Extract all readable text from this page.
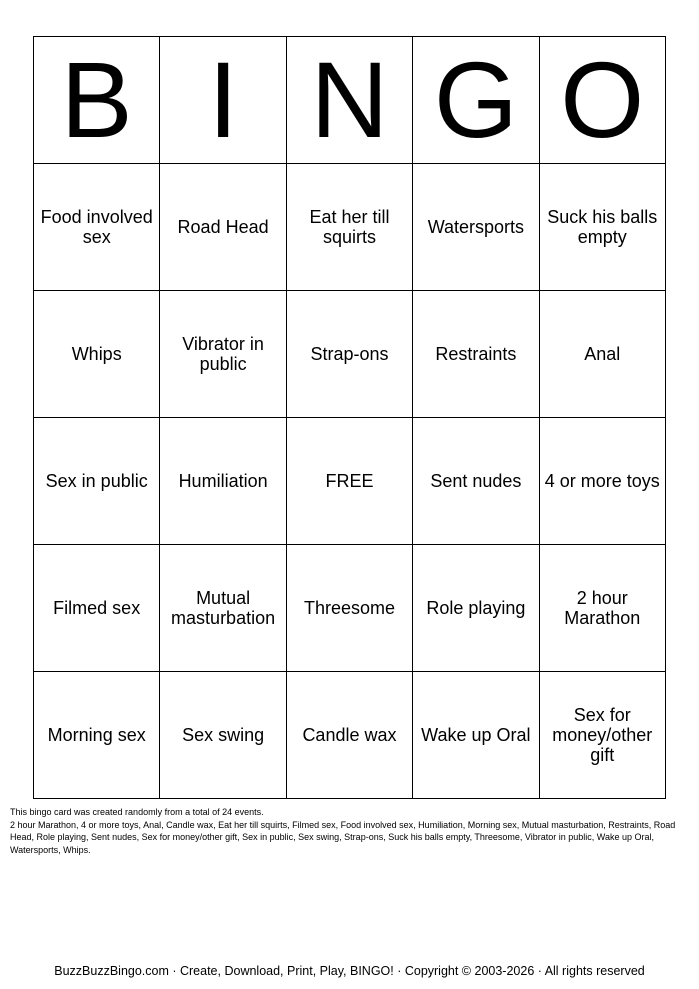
B	I	N	G	O
Food involved sex	Road Head	Eat her till squirts	Watersports	Suck his balls empty
Whips	Vibrator in public	Strap-ons	Restraints	Anal
Sex in public	Humiliation	FREE	Sent nudes	4 or more toys
Filmed sex	Mutual masturbation	Threesome	Role playing	2 hour Marathon
Morning sex	Sex swing	Candle wax	Wake up Oral	Sex for money/other gift

This bingo card was created randomly from a total of 24 events.

2 hour Marathon, 4 or more toys, Anal, Candle wax, Eat her till squirts, Filmed sex, Food involved sex, Humiliation, Morning sex, Mutual masturbation, Restraints, Road Head, Role playing, Sent nudes, Sex for money/other gift, Sex in public, Sex swing, Strap-ons, Suck his balls empty, Threesome, Vibrator in public, Wake up Oral, Watersports, Whips.

BuzzBuzzBingo.com · Create, Download, Print, Play, BINGO! · Copyright © 2003-2026 · All rights reserved
